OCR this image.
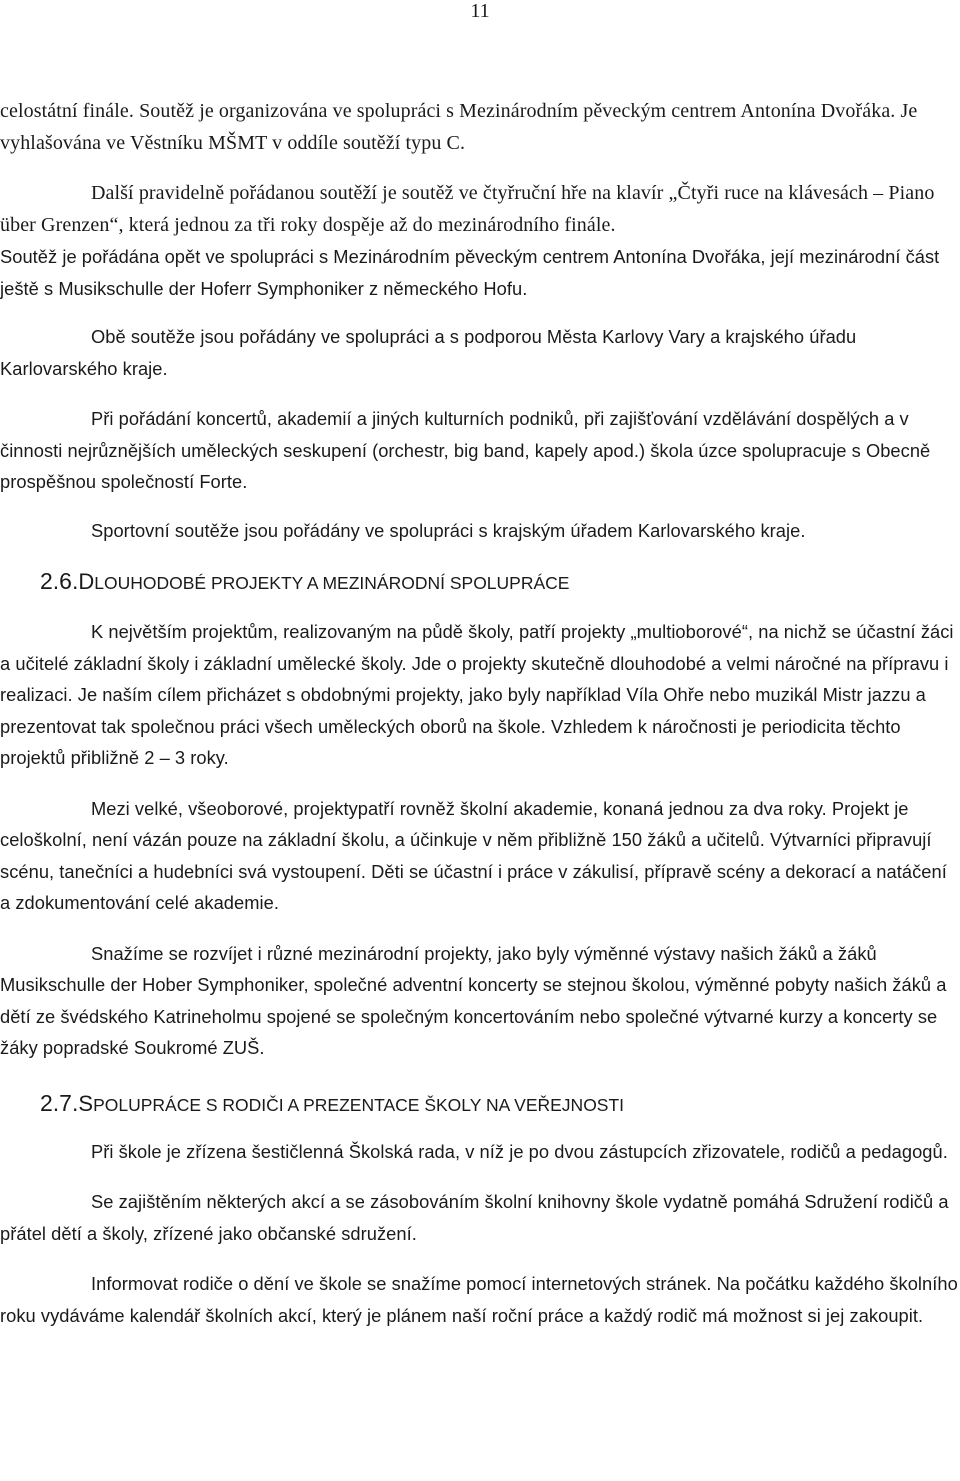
11

celostátní finále. Soutěž je organizována ve spolupráci s Mezinárodním pěveckým centrem Antonína Dvořáka. Je vyhlašována ve Věstníku MŠMT v oddíle soutěží typu C.

Další pravidelně pořádanou soutěží je soutěž ve čtyřruční hře na klavír „Čtyři ruce na klávesách – Piano über Grenzen“, která jednou za tři roky dospěje až do mezinárodního finále.

Soutěž je pořádána opět ve spolupráci s Mezinárodním pěveckým centrem Antonína Dvořáka, její mezinárodní část ještě s Musikschulle der Hoferr Symphoniker z německého Hofu.

Obě soutěže jsou pořádány ve spolupráci a s podporou Města Karlovy Vary a krajského úřadu Karlovarského kraje.

Při pořádání koncertů, akademií a jiných kulturních podniků, při zajišťování vzdělávání dospělých a v činnosti nejrůznějších uměleckých seskupení (orchestr, big band, kapely apod.) škola úzce spolupracuje s Obecně prospěšnou společností Forte.

Sportovní soutěže jsou pořádány ve spolupráci s krajským úřadem Karlovarského kraje.

2.6. DLOUHODOBÉ PROJEKTY A MEZINÁRODNÍ SPOLUPRÁCE

K největším projektům, realizovaným na půdě školy, patří projekty „multioborové“, na nichž se účastní žáci a učitelé základní školy i základní umělecké školy. Jde o projekty skutečně dlouhodobé a velmi náročné na přípravu i realizaci. Je naším cílem přicházet s obdobnými projekty, jako byly například Víla Ohře nebo muzikál Mistr jazzu a prezentovat tak společnou práci všech uměleckých oborů na škole. Vzhledem k náročnosti je periodicita těchto projektů přibližně 2 – 3 roky.

Mezi velké, všeoborové, projektypatří rovněž školní akademie, konaná jednou za dva roky. Projekt je celoškolní, není vázán pouze na základní školu, a účinkuje v něm přibližně 150 žáků a učitelů. Výtvarníci připravují scénu, tanečníci a hudebníci svá vystoupení. Děti se účastní i práce v zákulisí, přípravě scény a dekorací a natáčení a zdokumentování celé akademie.

Snažíme se rozvíjet i různé mezinárodní projekty, jako byly výměnné výstavy našich žáků a žáků Musikschulle der Hober Symphoniker, společné adventní koncerty se stejnou školou, výměnné pobyty našich žáků a dětí ze švédského Katrineholmu spojené se společným koncertováním nebo společné výtvarné kurzy a koncerty se žáky popradské Soukromé ZUŠ.

2.7. SPOLUPRÁCE S RODIČI A PREZENTACE ŠKOLY NA VEŘEJNOSTI

Při škole je zřízena šestičlenná Školská rada, v níž je po dvou zástupcích zřizovatele, rodičů a pedagogů.

Se zajištěním některých akcí a se zásobováním školní knihovny škole vydatně pomáhá Sdružení rodičů a přátel dětí a školy, zřízené jako občanské sdružení.

Informovat rodiče o dění ve škole se snažíme pomocí internetových stránek. Na počátku každého školního roku vydáváme kalendář školních akcí, který je plánem naší roční práce a každý rodič má možnost si jej zakoupit.
